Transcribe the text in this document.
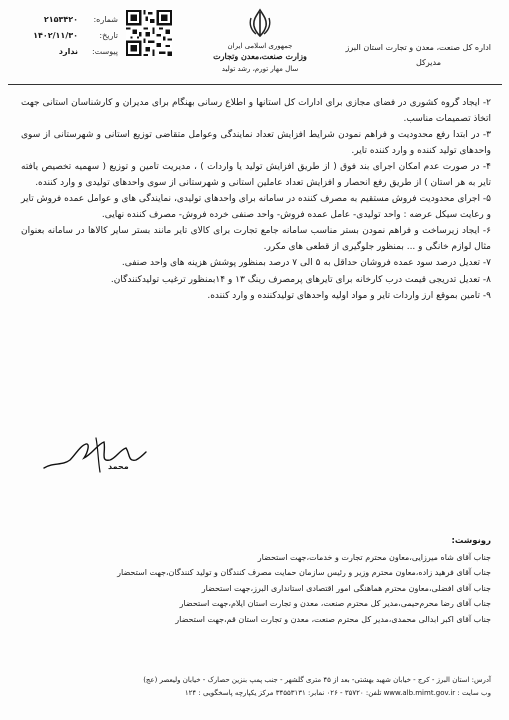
اداره کل صنعت، معدن و تجارت استان البرز
مدیرکل
جمهوری اسلامی ایران
وزارت صنعت،معدن وتجارت
سال مهار تورم، رشد تولید
شماره:
۲۱۵۳۴۲۰
تاریخ:
۱۴۰۲/۱۱/۳۰
پیوست:
ندارد
۲- ایجاد گروه کشوری در فضای مجازی برای ادارات کل استانها و اطلاع رسانی بهنگام برای مدیران و کارشناسان استانی جهت اتخاذ تصمیمات مناسب.
۳- در ابتدا رفع محدودیت و فراهم نمودن شرایط افزایش تعداد نمایندگی وعوامل متقاضی توزیع استانی و شهرستانی از سوی واحدهای تولید کننده و وارد کننده تایر.
۴- در صورت عدم امکان اجرای بند فوق ( از طریق افزایش تولید یا واردات ) ، مدیریت تامین و توزیع ( سهمیه تخصیص یافته تایر به هر استان ) از طریق رفع انحصار و افزایش تعداد عاملین استانی و شهرستانی از سوی واحدهای تولیدی و وارد کننده.
۵- اجرای محدودیت فروش مستقیم به مصرف کننده در سامانه برای واحدهای تولیدی، نمایندگی های و عوامل عمده فروش تایر و رعایت سیکل عرضه : واحد تولیدی- عامل عمده فروش- واحد صنفی خرده فروش- مصرف کننده نهایی.
۶- ایجاد زیرساخت و فراهم نمودن بستر مناسب سامانه جامع تجارت برای کالای تایر مانند بستر سایر کالاها در سامانه بعنوان مثال لوازم خانگی و ... بمنظور جلوگیری از قطعی های مکرر.
۷- تعدیل درصد سود عمده فروشان حداقل به ۵ الی ۷ درصد بمنظور پوشش هزینه های واحد صنفی.
۸- تعدیل تدریجی قیمت درب کارخانه برای تایرهای پرمصرف رینگ ۱۳ و ۱۴بمنظور ترغیب تولیدکنندگان.
۹- تامین بموقع ارز واردات تایر و مواد اولیه واحدهای تولیدکننده و وارد کننده.
محمد
رونوشت:
جناب آقای شاه میرزایی،معاون محترم تجارت و خدمات،جهت استحضار
جناب آقای فرهید زاده،معاون محترم وزیر و رئیس سازمان حمایت مصرف کنندگان و تولید کنندگان،جهت استحضار
جناب آقای افضلی،معاون محترم هماهنگی امور اقتصادی استانداری البرز،جهت استحضار
جناب آقای رضا محرم‌حیمی،مدیر کل محترم صنعت، معدن و تجارت استان ایلام،جهت استحضار
جناب آقای اکبر ابدالی محمدی،مدیر کل محترم صنعت، معدن و تجارت استان قم،جهت استحضار
آدرس: استان البرز - کرج - خیابان شهید بهشتی- بعد از ۴۵ متری گلشهر - جنب پمپ بنزین حصارک - خیابان ولیعصر (عج)
وب سایت : www.alb.mimt.gov.ir تلفن: ۳۵۷۲۰ - ۰۲۶ نمابر: ۳۴۵۵۳۱۳۱ مرکز یکپارچه پاسخگویی : ۱۲۴
